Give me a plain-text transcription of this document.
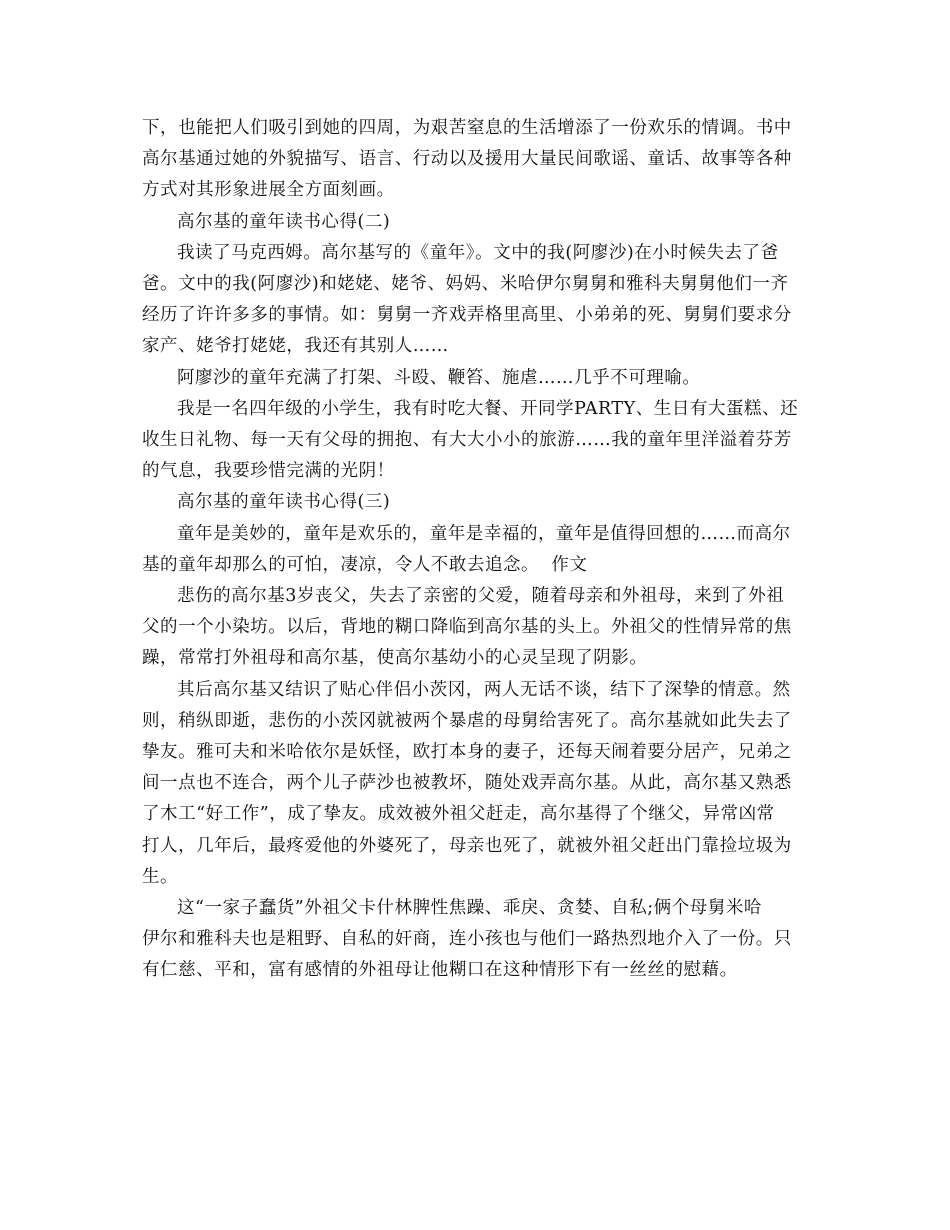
下，也能把人们吸引到她的四周，为艰苦窒息的生活增添了一份欢乐的情调。书中
高尔基通过她的外貌描写、语言、行动以及援用大量民间歌谣、童话、故事等各种
方式对其形象进展全方面刻画。

高尔基的童年读书心得(二)

我读了马克西姆。高尔基写的《童年》。文中的我(阿廖沙)在小时候失去了爸
爸。文中的我(阿廖沙)和姥姥、姥爷、妈妈、米哈伊尔舅舅和雅科夫舅舅他们一齐
经历了许许多多的事情。如：舅舅一齐戏弄格里高里、小弟弟的死、舅舅们要求分
家产、姥爷打姥姥，我还有其别人……

阿廖沙的童年充满了打架、斗殴、鞭笞、施虐……几乎不可理喻。

我是一名四年级的小学生，我有时吃大餐、开同学PARTY、生日有大蛋糕、还
收生日礼物、每一天有父母的拥抱、有大大小小的旅游……我的童年里洋溢着芬芳
的气息，我要珍惜完满的光阴！

高尔基的童年读书心得(三)

童年是美妙的，童年是欢乐的，童年是幸福的，童年是值得回想的……而高尔
基的童年却那么的可怕，凄凉，令人不敢去追念。  作文

悲伤的高尔基3岁丧父，失去了亲密的父爱，随着母亲和外祖母，来到了外祖
父的一个小染坊。以后，背地的糊口降临到高尔基的头上。外祖父的性情异常的焦
躁，常常打外祖母和高尔基，使高尔基幼小的心灵呈现了阴影。

其后高尔基又结识了贴心伴侣小茨冈，两人无话不谈，结下了深挚的情意。然
则，稍纵即逝，悲伤的小茨冈就被两个暴虐的母舅给害死了。高尔基就如此失去了
挚友。雅可夫和米哈依尔是妖怪，欧打本身的妻子，还每天闹着要分居产，兄弟之
间一点也不连合，两个儿子萨沙也被教坏，随处戏弄高尔基。从此，高尔基又熟悉
了木工“好工作”，成了挚友。成效被外祖父赶走，高尔基得了个继父，异常凶常
打人，几年后，最疼爱他的外婆死了，母亲也死了，就被外祖父赶出门靠捡垃圾为
生。

这“一家子蠢货”外祖父卡什林脾性焦躁、乖戾、贪婪、自私;俩个母舅米哈
伊尔和雅科夫也是粗野、自私的奸商，连小孩也与他们一路热烈地介入了一份。只
有仁慈、平和，富有感情的外祖母让他糊口在这种情形下有一丝丝的慰藉。
